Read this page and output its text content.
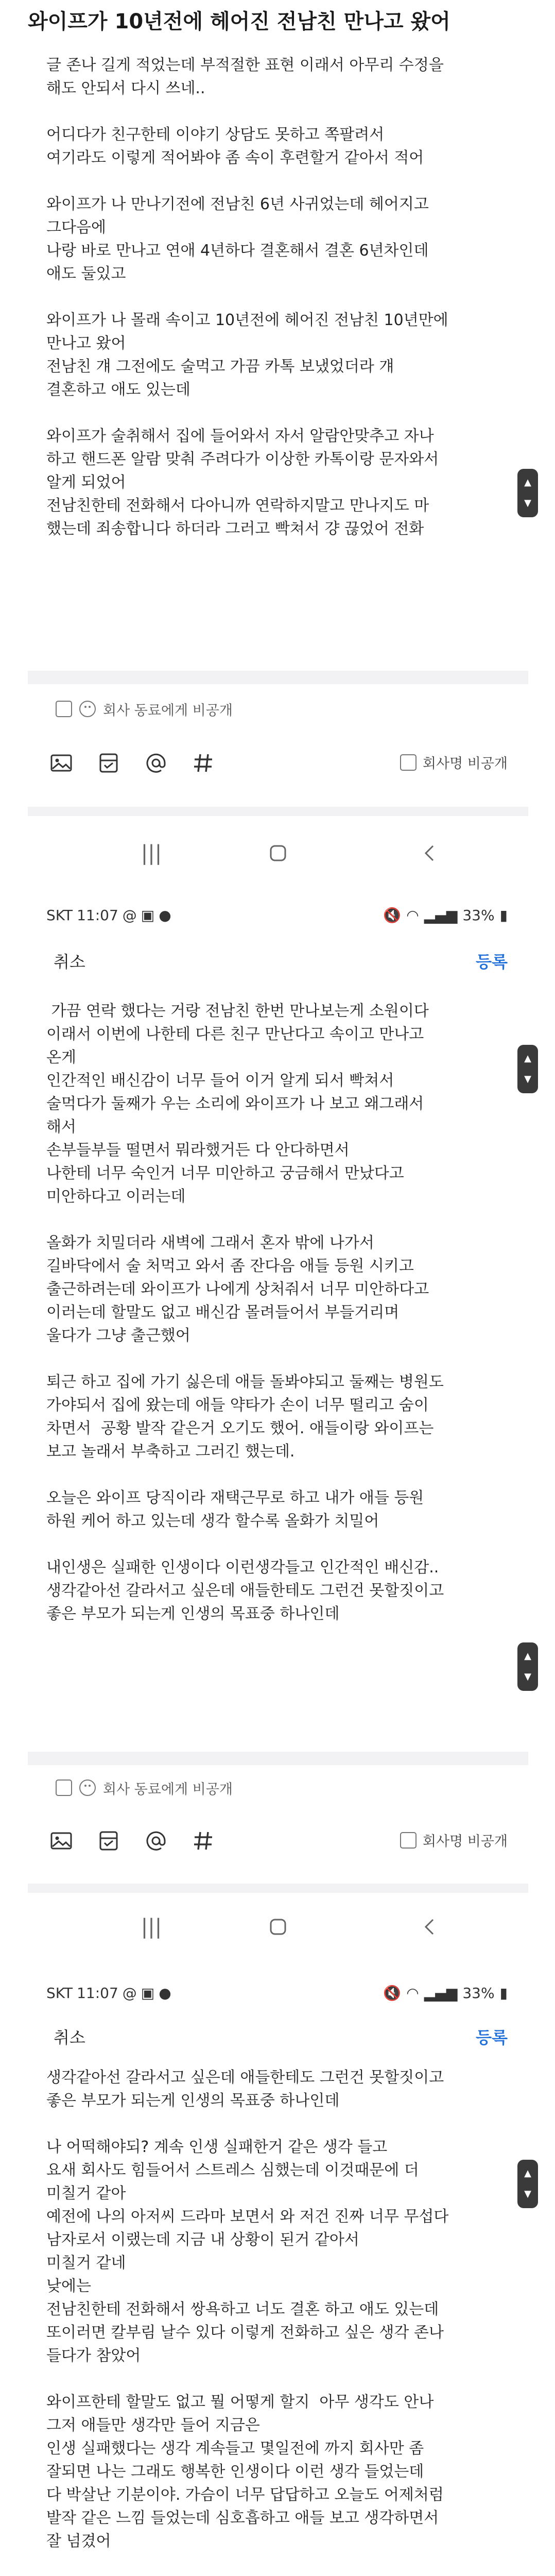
와이프가 10년전에 헤어진 전남친 만나고 왔어
글 존나 길게 적었는데 부적절한 표현 이래서 아무리 수정을
해도 안되서 다시 쓰네..

어디다가 친구한테 이야기 상담도 못하고 쪽팔려서
여기라도 이렇게 적어봐야 좀 속이 후련할거 같아서 적어

와이프가 나 만나기전에 전남친 6년 사귀었는데 헤어지고
그다음에
나랑 바로 만나고 연애 4년하다 결혼해서 결혼 6년차인데
애도 둘있고

와이프가 나 몰래 속이고 10년전에 헤어진 전남친 10년만에
만나고 왔어
전남친 걔 그전에도 술먹고 가끔 카톡 보냈었더라 걔
결혼하고 애도 있는데

와이프가 술취해서 집에 들어와서 자서 알람안맞추고 자나
하고 핸드폰 알람 맞춰 주려다가 이상한 카톡이랑 문자와서
알게 되었어
전남친한테 전화해서 다아니까 연락하지말고 만나지도 마
했는데 죄송합니다 하더라 그러고 빡쳐서 걍 끊었어 전화
▲
▼
회사 동료에게 비공개
회사명 비공개
|||
SKT 11:07 @ ▣ ●	🔇 ◠ ▂▄▆ 33% ▮
취소	등록
가끔 연락 했다는 거랑 전남친 한번 만나보는게 소원이다
이래서 이번에 나한테 다른 친구 만난다고 속이고 만나고
온게
인간적인 배신감이 너무 들어 이거 알게 되서 빡쳐서
술먹다가 둘째가 우는 소리에 와이프가 나 보고 왜그래서
해서
손부들부들 떨면서 뭐라했거든 다 안다하면서
나한테 너무 숙인거 너무 미안하고 궁금해서 만났다고
미안하다고 이러는데

올화가 치밀더라 새벽에 그래서 혼자 밖에 나가서
길바닥에서 술 처먹고 와서 좀 잔다음 애들 등원 시키고
출근하려는데 와이프가 나에게 상처줘서 너무 미안하다고
이러는데 할말도 없고 배신감 몰려들어서 부들거리며
울다가 그냥 출근했어

퇴근 하고 집에 가기 싫은데 애들 돌봐야되고 둘째는 병원도
가야되서 집에 왔는데 애들 약타가 손이 너무 떨리고 숨이
차면서  공황 발작 같은거 오기도 했어. 애들이랑 와이프는
보고 놀래서 부축하고 그러긴 했는데.

오늘은 와이프 당직이라 재택근무로 하고 내가 애들 등원
하원 케어 하고 있는데 생각 할수록 올화가 치밀어

내인생은 실패한 인생이다 이런생각들고 인간적인 배신감..
생각같아선 갈라서고 싶은데 애들한테도 그런건 못할짓이고
좋은 부모가 되는게 인생의 목표중 하나인데
▲
▼
▲
▼
회사 동료에게 비공개
회사명 비공개
|||
SKT 11:07 @ ▣ ●	🔇 ◠ ▂▄▆ 33% ▮
취소	등록
생각같아선 갈라서고 싶은데 애들한테도 그런건 못할짓이고
좋은 부모가 되는게 인생의 목표중 하나인데

나 어떡해야되? 계속 인생 실패한거 같은 생각 들고
요새 회사도 힘들어서 스트레스 심했는데 이것때문에 더
미칠거 같아
예전에 나의 아저씨 드라마 보면서 와 저건 진짜 너무 무섭다
남자로서 이랬는데 지금 내 상황이 된거 같아서
미칠거 같네
낮에는
전남친한테 전화해서 쌍욕하고 너도 결혼 하고 애도 있는데
또이러면 칼부림 날수 있다 이렇게 전화하고 싶은 생각 존나
들다가 참았어

와이프한테 할말도 없고 뭘 어떻게 할지  아무 생각도 안나
그저 애들만 생각만 들어 지금은
인생 실패했다는 생각 계속들고 몇일전에 까지 회사만 좀
잘되면 나는 그래도 행복한 인생이다 이런 생각 들었는데
다 박살난 기분이야. 가슴이 너무 답답하고 오늘도 어제처럼
발작 같은 느낌 들었는데 심호흡하고 애들 보고 생각하면서
잘 넘겼어

▲
▼
